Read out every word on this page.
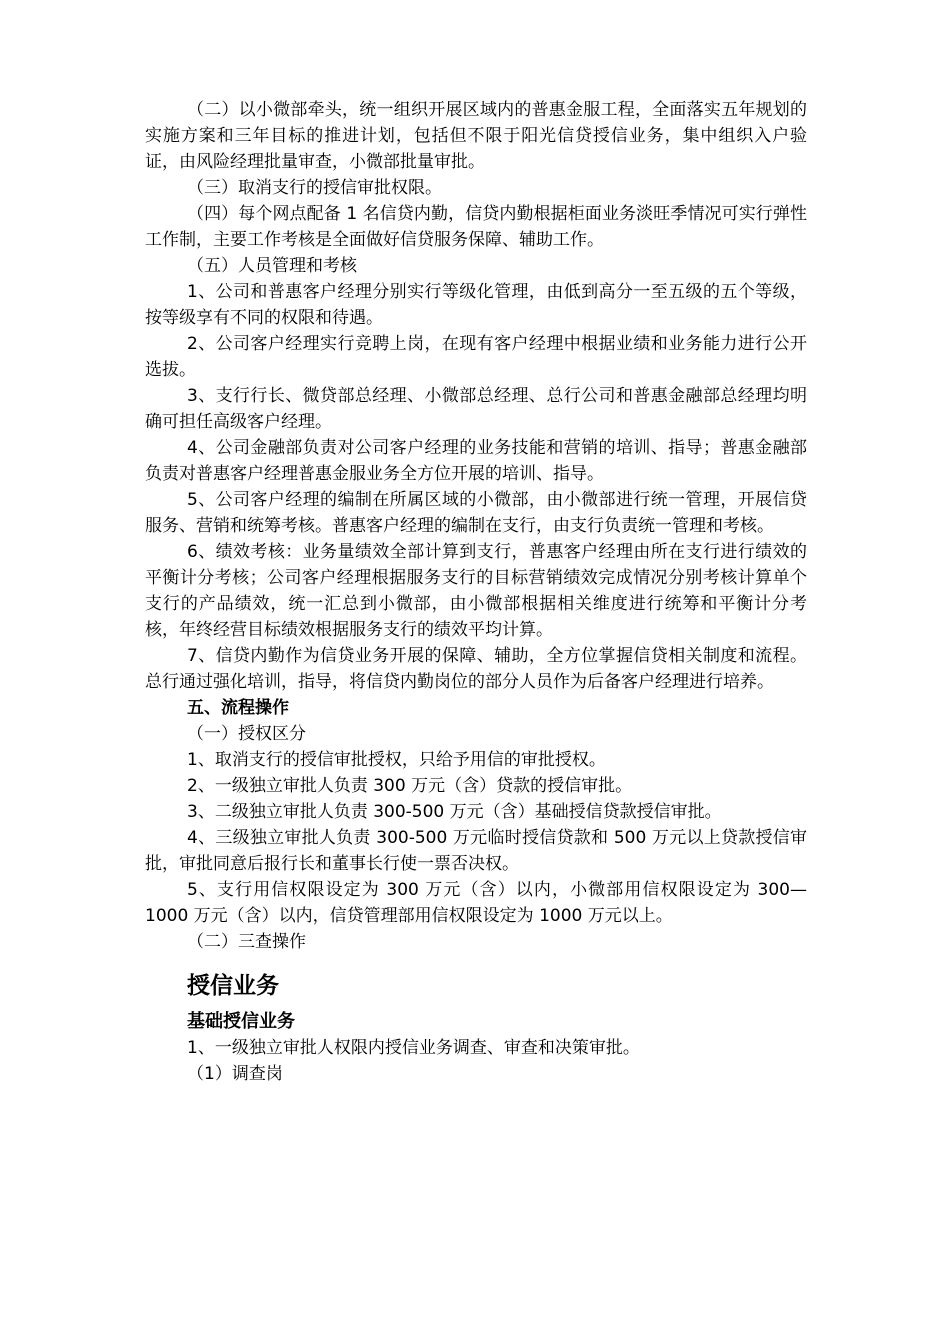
（二）以小微部牵头，统一组织开展区域内的普惠金服工程，全面落实五年规划的实施方案和三年目标的推进计划，包括但不限于阳光信贷授信业务，集中组织入户验证，由风险经理批量审查，小微部批量审批。

（三）取消支行的授信审批权限。

（四）每个网点配备 1 名信贷内勤，信贷内勤根据柜面业务淡旺季情况可实行弹性工作制，主要工作考核是全面做好信贷服务保障、辅助工作。

（五）人员管理和考核

1、公司和普惠客户经理分别实行等级化管理，由低到高分一至五级的五个等级，按等级享有不同的权限和待遇。

2、公司客户经理实行竞聘上岗，在现有客户经理中根据业绩和业务能力进行公开选拔。

3、支行行长、微贷部总经理、小微部总经理、总行公司和普惠金融部总经理均明确可担任高级客户经理。

4、公司金融部负责对公司客户经理的业务技能和营销的培训、指导；普惠金融部负责对普惠客户经理普惠金服业务全方位开展的培训、指导。

5、公司客户经理的编制在所属区域的小微部，由小微部进行统一管理，开展信贷服务、营销和统筹考核。普惠客户经理的编制在支行，由支行负责统一管理和考核。

6、绩效考核：业务量绩效全部计算到支行，普惠客户经理由所在支行进行绩效的平衡计分考核；公司客户经理根据服务支行的目标营销绩效完成情况分别考核计算单个支行的产品绩效，统一汇总到小微部，由小微部根据相关维度进行统筹和平衡计分考核，年终经营目标绩效根据服务支行的绩效平均计算。

7、信贷内勤作为信贷业务开展的保障、辅助，全方位掌握信贷相关制度和流程。总行通过强化培训，指导，将信贷内勤岗位的部分人员作为后备客户经理进行培养。

五、流程操作

（一）授权区分

1、取消支行的授信审批授权，只给予用信的审批授权。

2、一级独立审批人负责 300 万元（含）贷款的授信审批。

3、二级独立审批人负责 300-500 万元（含）基础授信贷款授信审批。

4、三级独立审批人负责 300-500 万元临时授信贷款和 500 万元以上贷款授信审批，审批同意后报行长和董事长行使一票否决权。

5、支行用信权限设定为 300 万元（含）以内，小微部用信权限设定为 300—1000 万元（含）以内，信贷管理部用信权限设定为 1000 万元以上。

（二）三查操作

授信业务

基础授信业务

1、一级独立审批人权限内授信业务调查、审查和决策审批。

（1）调查岗
